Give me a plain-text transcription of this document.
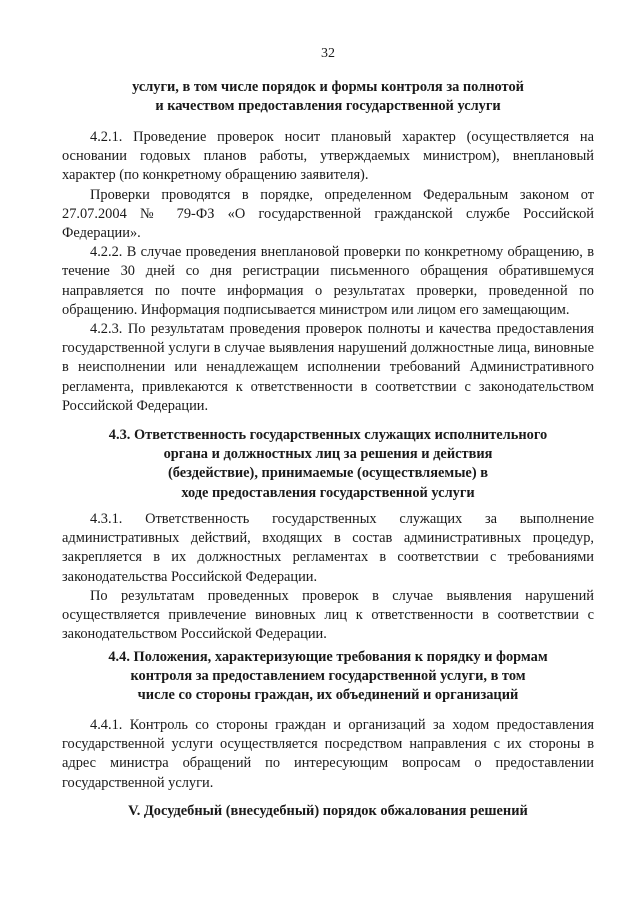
32

услуги, в том числе порядок и формы контроля за полнотой
и качеством предоставления государственной услуги

4.2.1. Проведение проверок носит плановый характер (осуществляется на основании годовых планов работы, утверждаемых министром), внеплановый характер (по конкретному обращению заявителя).

Проверки проводятся в порядке, определенном Федеральным законом от 27.07.2004 № 79-ФЗ «О государственной гражданской службе Российской Федерации».

4.2.2. В случае проведения внеплановой проверки по конкретному обращению, в течение 30 дней со дня регистрации письменного обращения обратившемуся направляется по почте информация о результатах проверки, проведенной по обращению. Информация подписывается министром или лицом его замещающим.

4.2.3. По результатам проведения проверок полноты и качества предоставления государственной услуги в случае выявления нарушений должностные лица, виновные в неисполнении или ненадлежащем исполнении требований Административного регламента, привлекаются к ответственности в соответствии с законодательством Российской Федерации.

4.3. Ответственность государственных служащих исполнительного
органа и должностных лиц за решения и действия
(бездействие), принимаемые (осуществляемые) в
ходе предоставления государственной услуги

4.3.1. Ответственность государственных служащих за выполнение административных действий, входящих в состав административных процедур, закрепляется в их должностных регламентах в соответствии с требованиями законодательства Российской Федерации.

По результатам проведенных проверок в случае выявления нарушений осуществляется привлечение виновных лиц к ответственности в соответствии с законодательством Российской Федерации.

4.4. Положения, характеризующие требования к порядку и формам
контроля за предоставлением государственной услуги, в том
числе со стороны граждан, их объединений и организаций

4.4.1. Контроль со стороны граждан и организаций за ходом предоставления государственной услуги осуществляется посредством направления с их стороны в адрес министра обращений по интересующим вопросам о предоставлении государственной услуги.

V. Досудебный (внесудебный) порядок обжалования решений
